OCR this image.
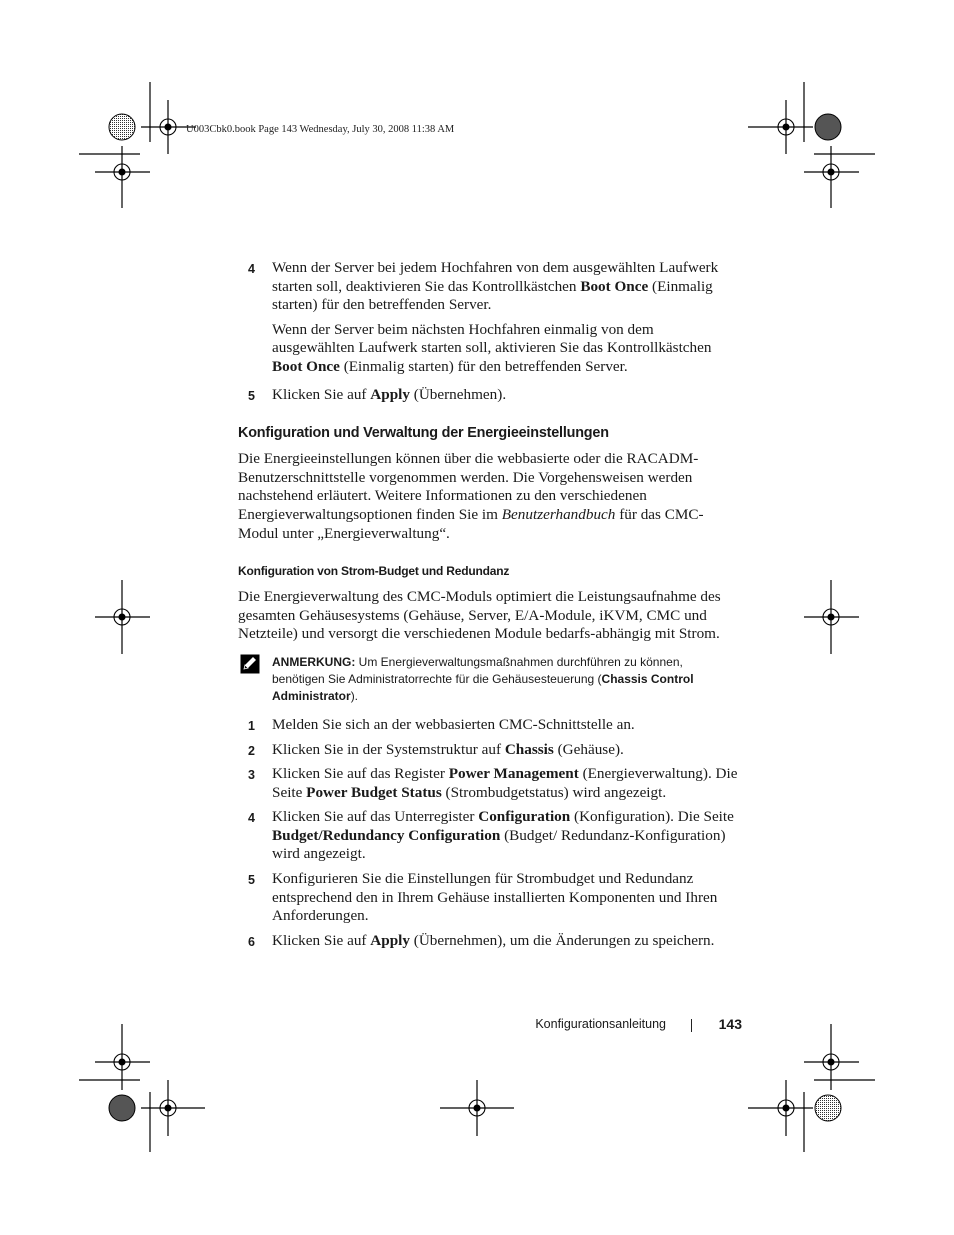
U003Cbk0.book Page 143 Wednesday, July 30, 2008 11:38 AM
4 Wenn der Server bei jedem Hochfahren von dem ausgewählten Laufwerk starten soll, deaktivieren Sie das Kontrollkästchen Boot Once (Einmalig starten) für den betreffenden Server.

Wenn der Server beim nächsten Hochfahren einmalig von dem ausgewählten Laufwerk starten soll, aktivieren Sie das Kontrollkästchen Boot Once (Einmalig starten) für den betreffenden Server.

5 Klicken Sie auf Apply (Übernehmen).

Konfiguration und Verwaltung der Energieeinstellungen

Die Energieeinstellungen können über die webbasierte oder die RACADM-Benutzerschnittstelle vorgenommen werden. Die Vorgehensweisen werden nachstehend erläutert. Weitere Informationen zu den verschiedenen Energieverwaltungsoptionen finden Sie im Benutzerhandbuch für das CMC-Modul unter „Energieverwaltung“.

Konfiguration von Strom-Budget und Redundanz

Die Energieverwaltung des CMC-Moduls optimiert die Leistungsaufnahme des gesamten Gehäusesystems (Gehäuse, Server, E/A-Module, iKVM, CMC und Netzteile) und versorgt die verschiedenen Module bedarfs-abhängig mit Strom.

ANMERKUNG: Um Energieverwaltungsmaßnahmen durchführen zu können, benötigen Sie Administratorrechte für die Gehäusesteuerung (Chassis Control Administrator).
1 Melden Sie sich an der webbasierten CMC-Schnittstelle an.

2 Klicken Sie in der Systemstruktur auf Chassis (Gehäuse).

3 Klicken Sie auf das Register Power Management (Energieverwaltung). Die Seite Power Budget Status (Strombudgetstatus) wird angezeigt.

4 Klicken Sie auf das Unterregister Configuration (Konfiguration). Die Seite Budget/Redundancy Configuration (Budget/ Redundanz-Konfiguration) wird angezeigt.

5 Konfigurieren Sie die Einstellungen für Strombudget und Redundanz entsprechend den in Ihrem Gehäuse installierten Komponenten und Ihren Anforderungen.

6 Klicken Sie auf Apply (Übernehmen), um die Änderungen zu speichern.

Konfigurationsanleitung	143
